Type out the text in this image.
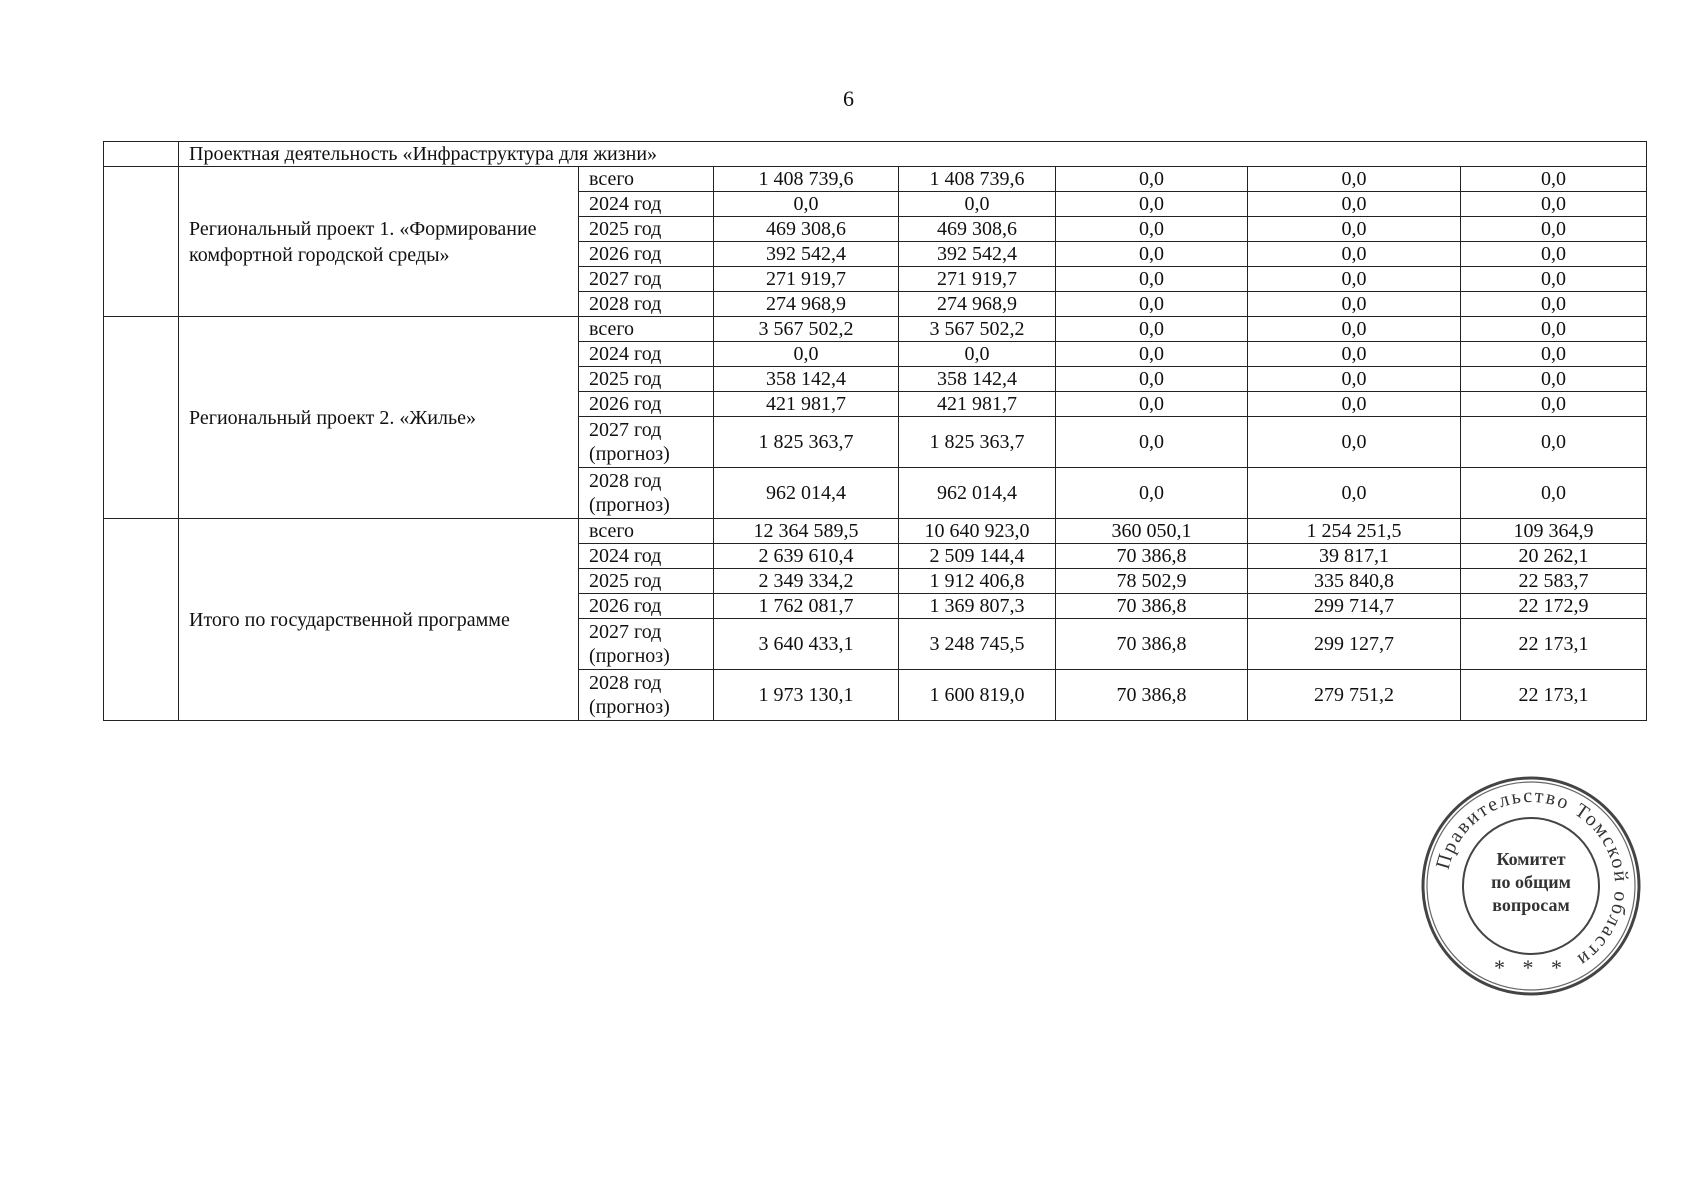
6
	Проектная деятельность «Инфраструктура для жизни»						
	Региональный проект 1. «Формирование комфортной городской среды»	всего	1 408 739,6	1 408 739,6	0,0	0,0	0,0
		2024 год	0,0	0,0	0,0	0,0	0,0
		2025 год	469 308,6	469 308,6	0,0	0,0	0,0
		2026 год	392 542,4	392 542,4	0,0	0,0	0,0
		2027 год	271 919,7	271 919,7	0,0	0,0	0,0
		2028 год	274 968,9	274 968,9	0,0	0,0	0,0
	Региональный проект 2. «Жилье»	всего	3 567 502,2	3 567 502,2	0,0	0,0	0,0
		2024 год	0,0	0,0	0,0	0,0	0,0
		2025 год	358 142,4	358 142,4	0,0	0,0	0,0
		2026 год	421 981,7	421 981,7	0,0	0,0	0,0
		2027 год (прогноз)	1 825 363,7	1 825 363,7	0,0	0,0	0,0
		2028 год (прогноз)	962 014,4	962 014,4	0,0	0,0	0,0
	Итого по государственной программе	всего	12 364 589,5	10 640 923,0	360 050,1	1 254 251,5	109 364,9
		2024 год	2 639 610,4	2 509 144,4	70 386,8	39 817,1	20 262,1
		2025 год	2 349 334,2	1 912 406,8	78 502,9	335 840,8	22 583,7
		2026 год	1 762 081,7	1 369 807,3	70 386,8	299 714,7	22 172,9
		2027 год (прогноз)	3 640 433,1	3 248 745,5	70 386,8	299 127,7	22 173,1
		2028 год (прогноз)	1 973 130,1	1 600 819,0	70 386,8	279 751,2	22 173,1
Правительство Томской области
Комитет
по общим
вопросам
* * *
